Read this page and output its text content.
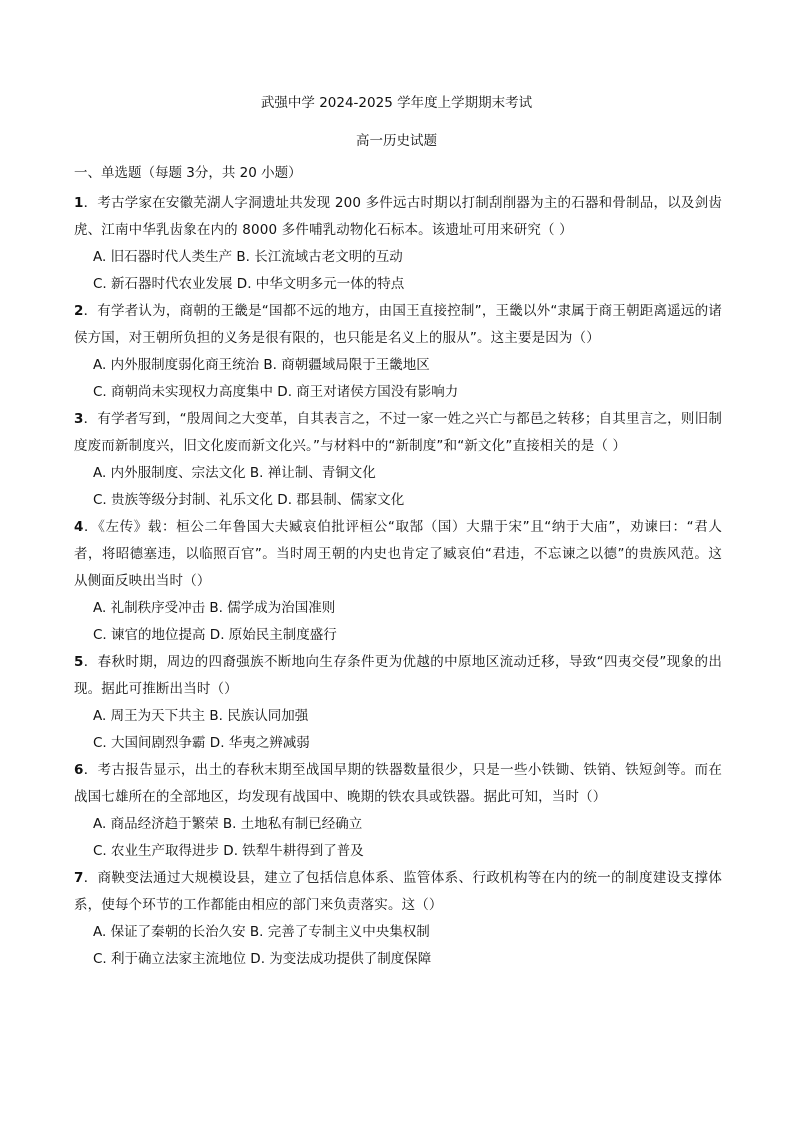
武强中学 2024-2025 学年度上学期期末考试
高一历史试题
一、单选题（每题 3分，共 20 小题）
1．考古学家在安徽芜湖人字洞遗址共发现 200 多件远古时期以打制刮削器为主的石器和骨制品，以及剑齿虎、江南中华乳齿象在内的 8000 多件哺乳动物化石标本。该遗址可用来研究（ ）
A. 旧石器时代人类生产 B. 长江流域古老文明的互动
C. 新石器时代农业发展 D. 中华文明多元一体的特点
2．有学者认为，商朝的王畿是“国都不远的地方，由国王直接控制”，王畿以外“隶属于商王朝距离遥远的诸侯方国，对王朝所负担的义务是很有限的，也只能是名义上的服从”。这主要是因为（）
A. 内外服制度弱化商王统治 B. 商朝疆域局限于王畿地区
C. 商朝尚未实现权力高度集中 D. 商王对诸侯方国没有影响力
3．有学者写到，“殷周间之大变革，自其表言之，不过一家一姓之兴亡与都邑之转移；自其里言之，则旧制度废而新制度兴，旧文化废而新文化兴。”与材料中的“新制度”和“新文化”直接相关的是（ ）
A. 内外服制度、宗法文化 B. 禅让制、青铜文化
C. 贵族等级分封制、礼乐文化 D. 郡县制、儒家文化
4．《左传》载：桓公二年鲁国大夫臧哀伯批评桓公“取郜（国）大鼎于宋”且“纳于大庙”，劝谏曰：“君人者，将昭德塞违，以临照百官”。当时周王朝的内史也肯定了臧哀伯“君违，不忘谏之以德”的贵族风范。这从侧面反映出当时（）
A. 礼制秩序受冲击 B. 儒学成为治国准则
C. 谏官的地位提高 D. 原始民主制度盛行
5．春秋时期，周边的四裔强族不断地向生存条件更为优越的中原地区流动迁移，导致“四夷交侵”现象的出现。据此可推断出当时（）
A. 周王为天下共主 B. 民族认同加强
C. 大国间剧烈争霸 D. 华夷之辨减弱
6．考古报告显示，出土的春秋末期至战国早期的铁器数量很少，只是一些小铁锄、铁销、铁短剑等。而在战国七雄所在的全部地区，均发现有战国中、晚期的铁农具或铁器。据此可知，当时（）
A. 商品经济趋于繁荣 B. 土地私有制已经确立
C. 农业生产取得进步 D. 铁犁牛耕得到了普及
7．商鞅变法通过大规模设县，建立了包括信息体系、监管体系、行政机构等在内的统一的制度建设支撑体系，使每个环节的工作都能由相应的部门来负责落实。这（）
A. 保证了秦朝的长治久安 B. 完善了专制主义中央集权制
C. 利于确立法家主流地位 D. 为变法成功提供了制度保障
